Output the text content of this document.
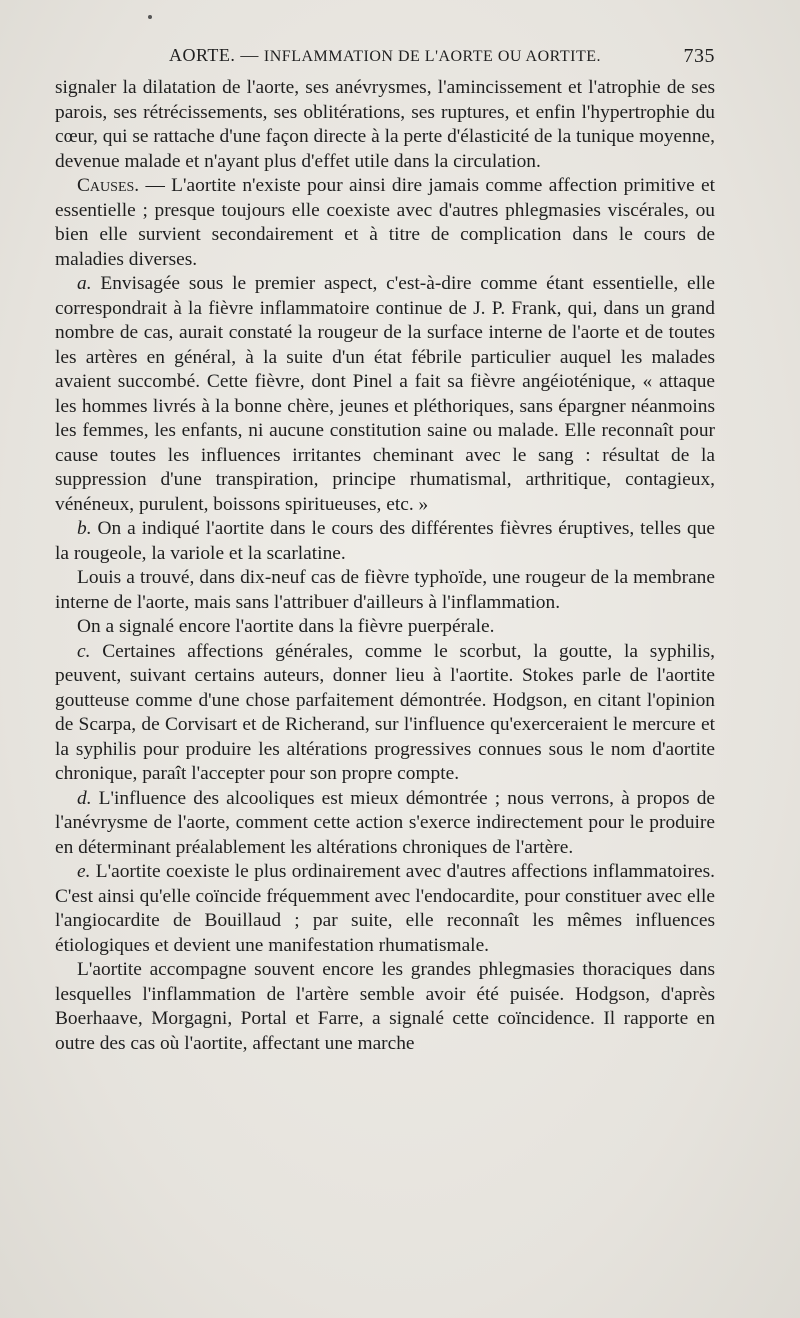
AORTE. — INFLAMMATION DE L'AORTE OU AORTITE.	735

signaler la dilatation de l'aorte, ses anévrysmes, l'amincissement et l'atrophie de ses parois, ses rétrécissements, ses oblitérations, ses ruptures, et enfin l'hypertrophie du cœur, qui se rattache d'une façon directe à la perte d'élasticité de la tunique moyenne, devenue malade et n'ayant plus d'effet utile dans la circulation.

Causes. — L'aortite n'existe pour ainsi dire jamais comme affection primitive et essentielle ; presque toujours elle coexiste avec d'autres phlegmasies viscérales, ou bien elle survient secondairement et à titre de complication dans le cours de maladies diverses.

a. Envisagée sous le premier aspect, c'est-à-dire comme étant essentielle, elle correspondrait à la fièvre inflammatoire continue de J. P. Frank, qui, dans un grand nombre de cas, aurait constaté la rougeur de la surface interne de l'aorte et de toutes les artères en général, à la suite d'un état fébrile particulier auquel les malades avaient succombé. Cette fièvre, dont Pinel a fait sa fièvre angéioténique, « attaque les hommes livrés à la bonne chère, jeunes et pléthoriques, sans épargner néanmoins les femmes, les enfants, ni aucune constitution saine ou malade. Elle reconnaît pour cause toutes les influences irritantes cheminant avec le sang : résultat de la suppression d'une transpiration, principe rhumatismal, arthritique, contagieux, vénéneux, purulent, boissons spiritueuses, etc. »

b. On a indiqué l'aortite dans le cours des différentes fièvres éruptives, telles que la rougeole, la variole et la scarlatine.

Louis a trouvé, dans dix-neuf cas de fièvre typhoïde, une rougeur de la membrane interne de l'aorte, mais sans l'attribuer d'ailleurs à l'inflammation.

On a signalé encore l'aortite dans la fièvre puerpérale.

c. Certaines affections générales, comme le scorbut, la goutte, la syphilis, peuvent, suivant certains auteurs, donner lieu à l'aortite. Stokes parle de l'aortite goutteuse comme d'une chose parfaitement démontrée. Hodgson, en citant l'opinion de Scarpa, de Corvisart et de Richerand, sur l'influence qu'exerceraient le mercure et la syphilis pour produire les altérations progressives connues sous le nom d'aortite chronique, paraît l'accepter pour son propre compte.

d. L'influence des alcooliques est mieux démontrée ; nous verrons, à propos de l'anévrysme de l'aorte, comment cette action s'exerce indirectement pour le produire en déterminant préalablement les altérations chroniques de l'artère.

e. L'aortite coexiste le plus ordinairement avec d'autres affections inflammatoires. C'est ainsi qu'elle coïncide fréquemment avec l'endocardite, pour constituer avec elle l'angiocardite de Bouillaud ; par suite, elle reconnaît les mêmes influences étiologiques et devient une manifestation rhumatismale.

L'aortite accompagne souvent encore les grandes phlegmasies thoraciques dans lesquelles l'inflammation de l'artère semble avoir été puisée. Hodgson, d'après Boerhaave, Morgagni, Portal et Farre, a signalé cette coïncidence. Il rapporte en outre des cas où l'aortite, affectant une marche
